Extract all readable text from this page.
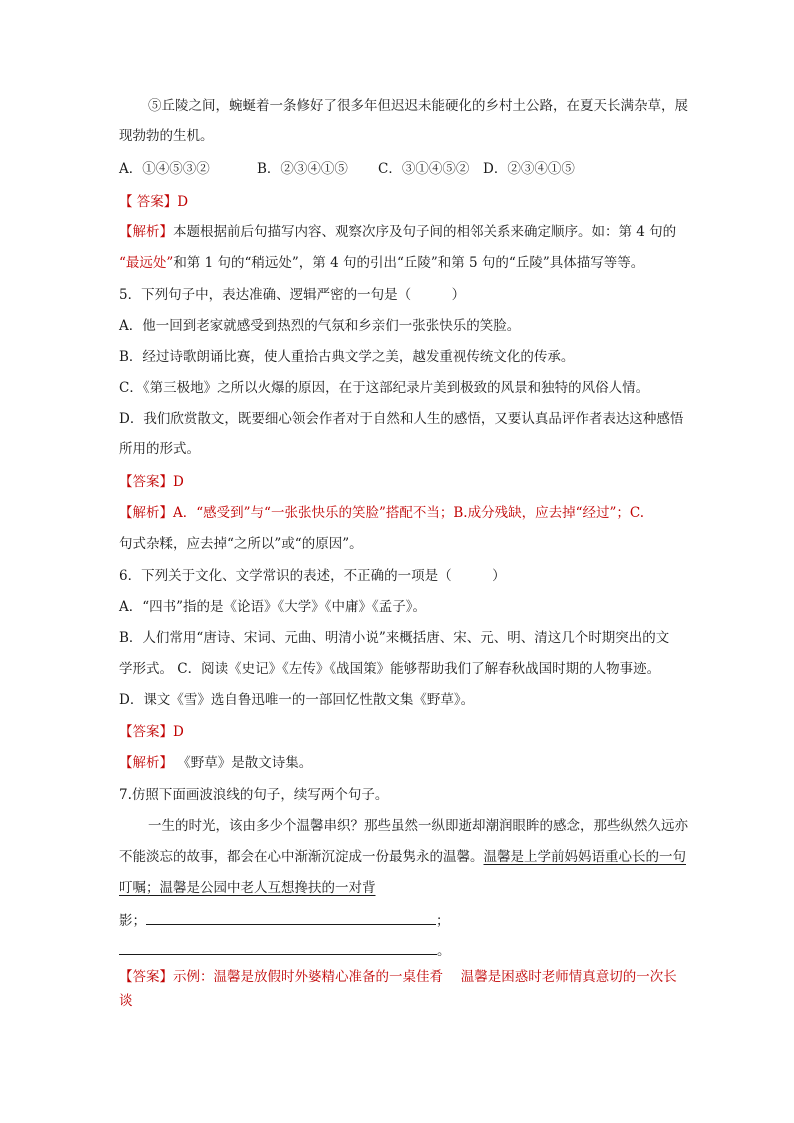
⑤丘陵之间，蜿蜒着一条修好了很多年但迟迟未能硬化的乡村土公路，在夏天长满杂草，展
现勃勃的生机。
A．①④⑤③②	B．②③④①⑤ C．③①④⑤② D．②③④①⑤
【 答案】D
【解析】本题根据前后句描写内容、观察次序及句子间的相邻关系来确定顺序。如：第 4 句的
“最远处”和第 1 句的“稍远处”，第 4 句的引出“丘陵”和第 5 句的“丘陵”具体描写等等。
5．下列句子中，表达准确、逻辑严密的一句是（　　　）
A．他一回到老家就感受到热烈的气氛和乡亲们一张张快乐的笑脸。
B．经过诗歌朗诵比赛，使人重拾古典文学之美，越发重视传统文化的传承。
C．《第三极地》之所以火爆的原因，在于这部纪录片美到极致的风景和独特的风俗人情。
D．我们欣赏散文，既要细心领会作者对于自然和人生的感悟，又要认真品评作者表达这种感悟
所用的形式。
【答案】D
【解析】A．“感受到”与“一张张快乐的笑脸”搭配不当；B.成分残缺，应去掉“经过”；C.
句式杂糅，应去掉“之所以”或“的原因”。
6．下列关于文化、文学常识的表述，不正确的一项是（　　　）
A．“四书”指的是《论语》《大学》《中庸》《孟子》。
B．人们常用“唐诗、宋词、元曲、明清小说”来概括唐、宋、元、明、清这几个时期突出的文
学形式。 C．阅读《史记》《左传》《战国策》能够帮助我们了解春秋战国时期的人物事迹。
D．课文《雪》选自鲁迅唯一的一部回忆性散文集《野草》。
【答案】D
【解析】 《野草》是散文诗集。
7.仿照下面画波浪线的句子，续写两个句子。
一生的时光，该由多少个温馨串织？那些虽然一纵即逝却潮润眼眸的感念，那些纵然久远亦
不能淡忘的故事，都会在心中渐渐沉淀成一份最隽永的温馨。温馨是上学前妈妈语重心长的一句
叮嘱；温馨是公园中老人互想搀扶的一对背
影；	；
。
【答案】示例：温馨是放假时外婆精心准备的一桌佳肴　 温馨是困惑时老师情真意切的一次长
谈
